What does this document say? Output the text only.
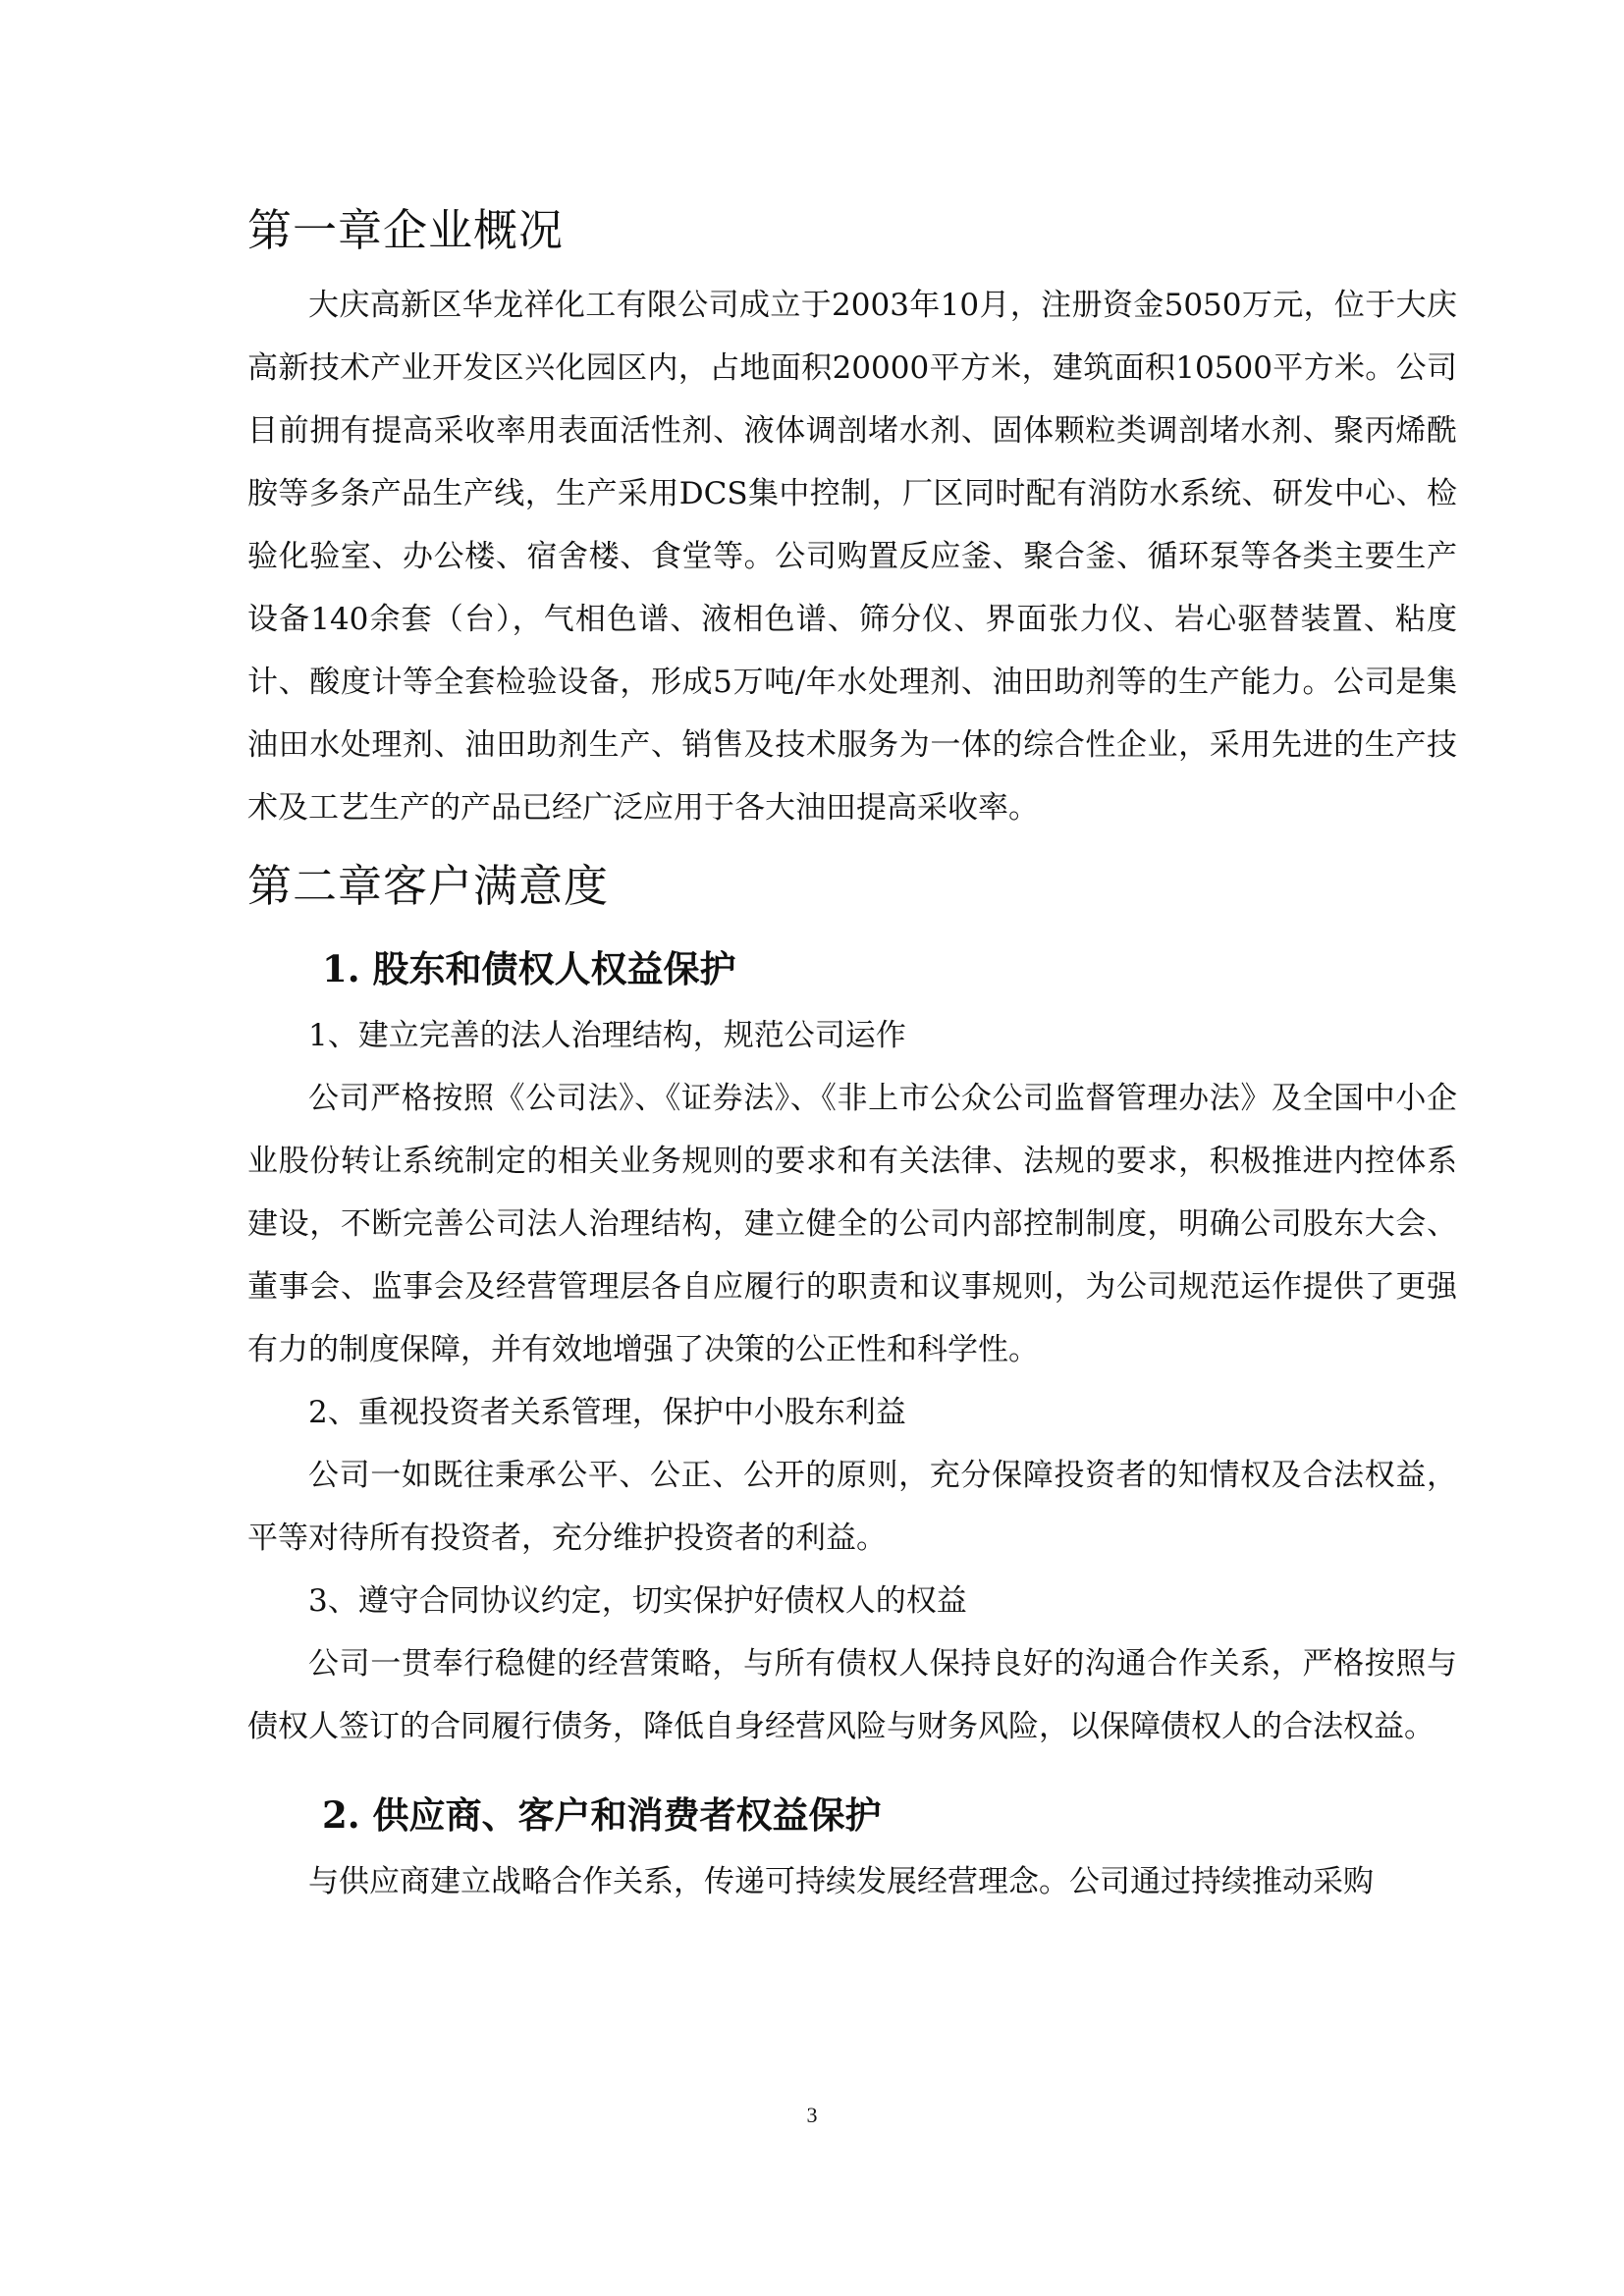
第一章企业概况

大庆高新区华龙祥化工有限公司成立于2003年10月，注册资金5050万元，位于大庆高新技术产业开发区兴化园区内，占地面积20000平方米，建筑面积10500平方米。公司目前拥有提高采收率用表面活性剂、液体调剖堵水剂、固体颗粒类调剖堵水剂、聚丙烯酰胺等多条产品生产线，生产采用DCS集中控制，厂区同时配有消防水系统、研发中心、检验化验室、办公楼、宿舍楼、食堂等。公司购置反应釜、聚合釜、循环泵等各类主要生产设备140余套（台），气相色谱、液相色谱、筛分仪、界面张力仪、岩心驱替装置、粘度计、酸度计等全套检验设备，形成5万吨/年水处理剂、油田助剂等的生产能力。公司是集油田水处理剂、油田助剂生产、销售及技术服务为一体的综合性企业，采用先进的生产技术及工艺生产的产品已经广泛应用于各大油田提高采收率。

第二章客户满意度
1. 股东和债权人权益保护

1、建立完善的法人治理结构，规范公司运作

公司严格按照《公司法》、《证券法》、《非上市公众公司监督管理办法》及全国中小企业股份转让系统制定的相关业务规则的要求和有关法律、法规的要求，积极推进内控体系建设，不断完善公司法人治理结构，建立健全的公司内部控制制度，明确公司股东大会、董事会、监事会及经营管理层各自应履行的职责和议事规则，为公司规范运作提供了更强有力的制度保障，并有效地增强了决策的公正性和科学性。

2、重视投资者关系管理，保护中小股东利益

公司一如既往秉承公平、公正、公开的原则，充分保障投资者的知情权及合法权益，平等对待所有投资者，充分维护投资者的利益。

3、遵守合同协议约定，切实保护好债权人的权益

公司一贯奉行稳健的经营策略，与所有债权人保持良好的沟通合作关系，严格按照与债权人签订的合同履行债务，降低自身经营风险与财务风险，以保障债权人的合法权益。

2. 供应商、客户和消费者权益保护

与供应商建立战略合作关系，传递可持续发展经营理念。公司通过持续推动采购

3
